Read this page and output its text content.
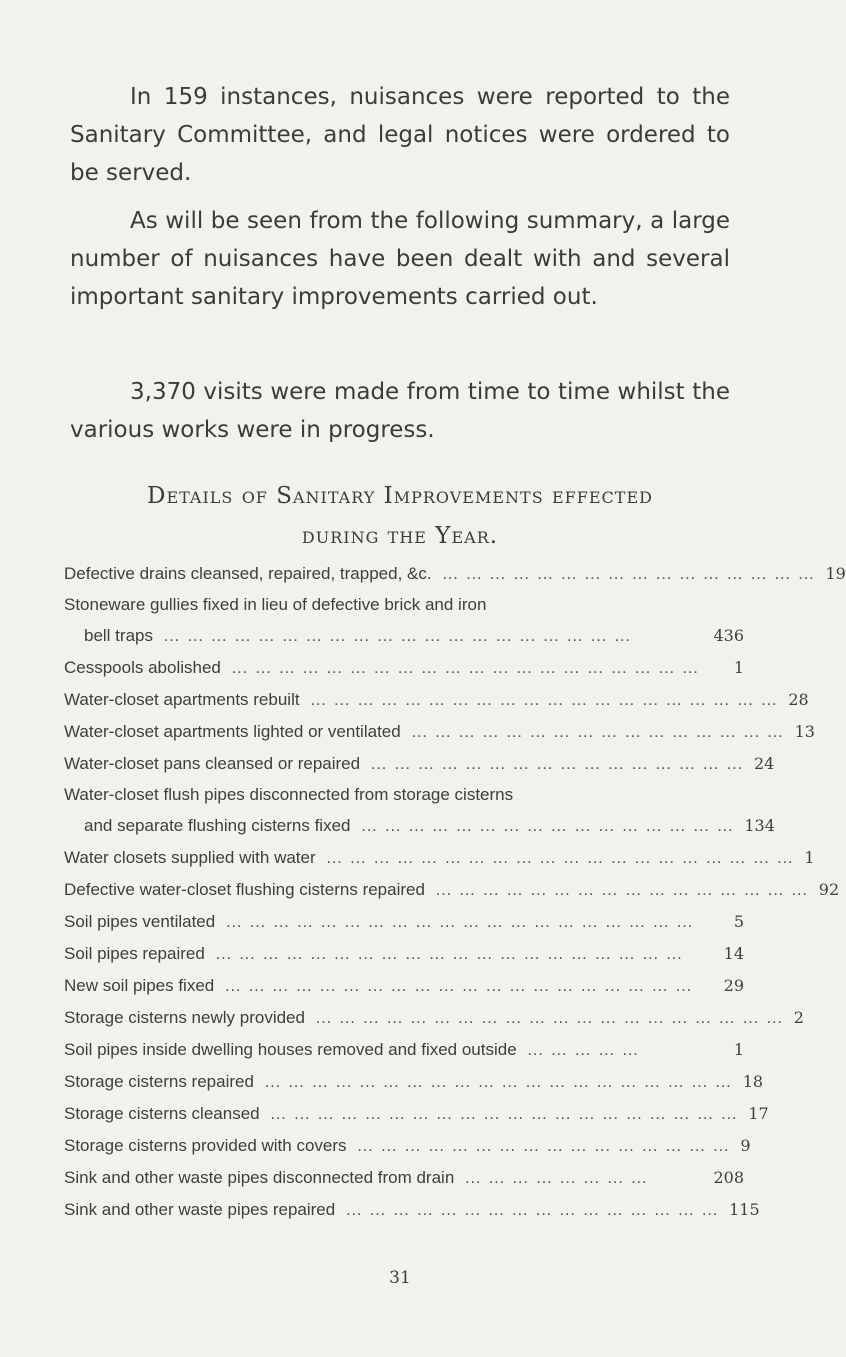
In 159 instances, nuisances were reported to the Sanitary Committee, and legal notices were ordered to be served.

As will be seen from the following summary, a large number of nuisances have been dealt with and several important sanitary improvements carried out.

3,370 visits were made from time to time whilst the various works were in progress.

Details of Sanitary Improvements effected
during the Year.
Defective drains cleansed, repaired, trapped, &c. … … … … … … … … … … … … … … … … 19
Stoneware gullies fixed in lieu of defective brick and iron
bell traps … … … … … … … … … … … … … … … … … … … …	436
Cesspools abolished … … … … … … … … … … … … … … … … … … … …	1
Water-closet apartments rebuilt … … … … … … … … … … … … … … … … … … … … 28
Water-closet apartments lighted or ventilated … … … … … … … … … … … … … … … … 13
Water-closet pans cleansed or repaired … … … … … … … … … … … … … … … … 24
Water-closet flush pipes disconnected from storage cisterns
and separate flushing cisterns fixed … … … … … … … … … … … … … … … … 134
Water closets supplied with water … … … … … … … … … … … … … … … … … … … … 1
Defective water-closet flushing cisterns repaired … … … … … … … … … … … … … … … … 92
Soil pipes ventilated … … … … … … … … … … … … … … … … … … … …	5
Soil pipes repaired … … … … … … … … … … … … … … … … … … … …	14
New soil pipes fixed … … … … … … … … … … … … … … … … … … … …	29
Storage cisterns newly provided … … … … … … … … … … … … … … … … … … … … 2
Soil pipes inside dwelling houses removed and fixed outside … … … … …	1
Storage cisterns repaired … … … … … … … … … … … … … … … … … … … … 18
Storage cisterns cleansed … … … … … … … … … … … … … … … … … … … … 17
Storage cisterns provided with covers … … … … … … … … … … … … … … … … 9
Sink and other waste pipes disconnected from drain … … … … … … … …	208
Sink and other waste pipes repaired … … … … … … … … … … … … … … … … 115
31
